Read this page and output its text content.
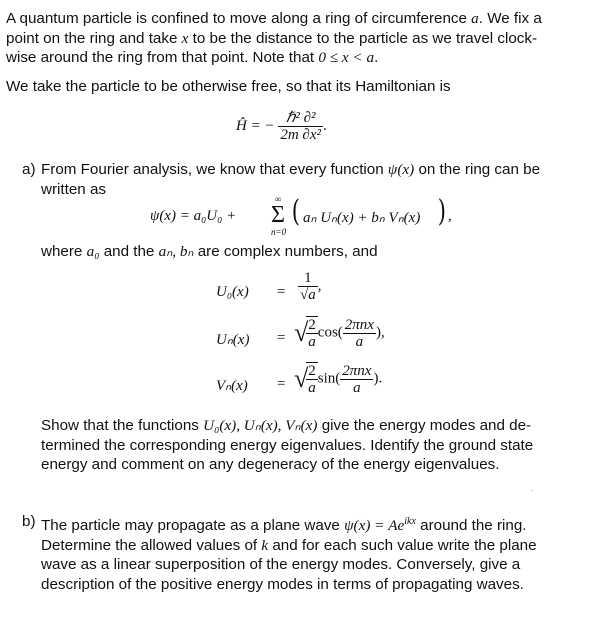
A quantum particle is confined to move along a ring of circumference a. We fix a
point on the ring and take x to be the distance to the particle as we travel clock-
wise around the ring from that point. Note that 0 ≤ x < a.
We take the particle to be otherwise free, so that its Hamiltonian is
Ĥ = − $\frac{\text{ℏ² ∂²}}{\text{2m ∂x²}}$ .
a) From Fourier analysis, we know that every function ψ(x) on the ring can be
written as
ψ(x) = a₀U₀ +
∞
Σ
n=0
( aₙ Uₙ(x) + bₙ Vₙ(x) ) ,
where a₀ and the aₙ, bₙ are complex numbers, and
$U_0(x) = \frac{1}{√a}$ ,
Uₙ(x) = √
$\frac{2}{a} \cos( \frac{\text{2πnx}}{a}$ ),
Vₙ(x) = √
$\frac{2}{a} \sin( \frac{\text{2πnx}}{a}$ ).
Show that the functions U₀(x), Uₙ(x), Vₙ(x) give the energy modes and de-
termined the corresponding energy eigenvalues. Identify the ground state
energy and comment on any degeneracy of the energy eigenvalues.
b) The particle may propagate as a plane wave $\psi(x) = Ae^{ikx}$ around the ring.
Determine the allowed values of k and for each such value write the plane
wave as a linear superposition of the energy modes. Conversely, give a
description of the positive energy modes in terms of propagating waves.
